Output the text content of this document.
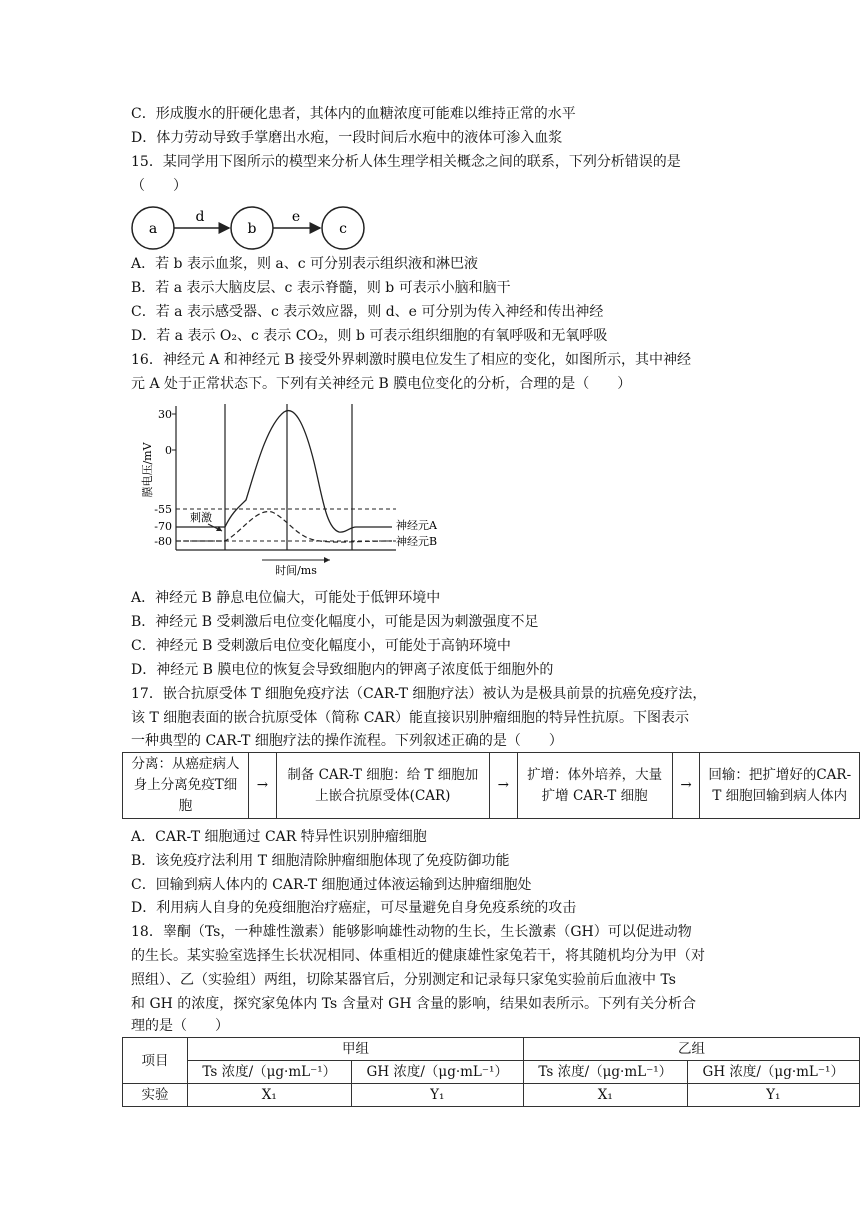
C．形成腹水的肝硬化患者，其体内的血糖浓度可能难以维持正常的水平
D．体力劳动导致手掌磨出水疱，一段时间后水疱中的液体可渗入血浆
15．某同学用下图所示的模型来分析人体生理学相关概念之间的联系，下列分析错误的是
（　　）
a	b	c
d	e
A．若 b 表示血浆，则 a、c 可分别表示组织液和淋巴液
B．若 a 表示大脑皮层、c 表示脊髓，则 b 可表示小脑和脑干
C．若 a 表示感受器、c 表示效应器，则 d、e 可分别为传入神经和传出神经
D．若 a 表示 O₂、c 表示 CO₂，则 b 可表示组织细胞的有氧呼吸和无氧呼吸
16．神经元 A 和神经元 B 接受外界刺激时膜电位发生了相应的变化，如图所示，其中神经
元 A 处于正常状态下。下列有关神经元 B 膜电位变化的分析，合理的是（　　）
膜电压/mV
30
0
-55
-70
-80
刺激
神经元A
神经元B
时间/ms
A．神经元 B 静息电位偏大，可能处于低钾环境中
B．神经元 B 受刺激后电位变化幅度小，可能是因为刺激强度不足
C．神经元 B 受刺激后电位变化幅度小，可能处于高钠环境中
D．神经元 B 膜电位的恢复会导致细胞内的钾离子浓度低于细胞外的
17．嵌合抗原受体 T 细胞免疫疗法（CAR-T 细胞疗法）被认为是极具前景的抗癌免疫疗法，
该 T 细胞表面的嵌合抗原受体（简称 CAR）能直接识别肿瘤细胞的特异性抗原。下图表示
一种典型的 CAR-T 细胞疗法的操作流程。下列叙述正确的是（　　）
分离：从癌症病人身上分离免疫T细胞	→	制备 CAR-T 细胞：给 T 细胞加上嵌合抗原受体(CAR)	→	扩增：体外培养，大量扩增 CAR-T 细胞	→	回输：把扩增好的CAR-T 细胞回输到病人体内
A．CAR-T 细胞通过 CAR 特异性识别肿瘤细胞
B．该免疫疗法利用 T 细胞清除肿瘤细胞体现了免疫防御功能
C．回输到病人体内的 CAR-T 细胞通过体液运输到达肿瘤细胞处
D．利用病人自身的免疫细胞治疗癌症，可尽量避免自身免疫系统的攻击
18．睾酮（Ts，一种雄性激素）能够影响雄性动物的生长，生长激素（GH）可以促进动物
的生长。某实验室选择生长状况相同、体重相近的健康雄性家兔若干，将其随机均分为甲（对
照组）、乙（实验组）两组，切除某器官后，分别测定和记录每只家兔实验前后血液中 Ts
和 GH 的浓度，探究家兔体内 Ts 含量对 GH 含量的影响，结果如表所示。下列有关分析合
理的是（　　）
项目	甲组		乙组	
	Ts 浓度/（μg·mL⁻¹）	GH 浓度/（μg·mL⁻¹）	Ts 浓度/（μg·mL⁻¹）	GH 浓度/（μg·mL⁻¹）
实验	X₁	Y₁	X₁	Y₁
